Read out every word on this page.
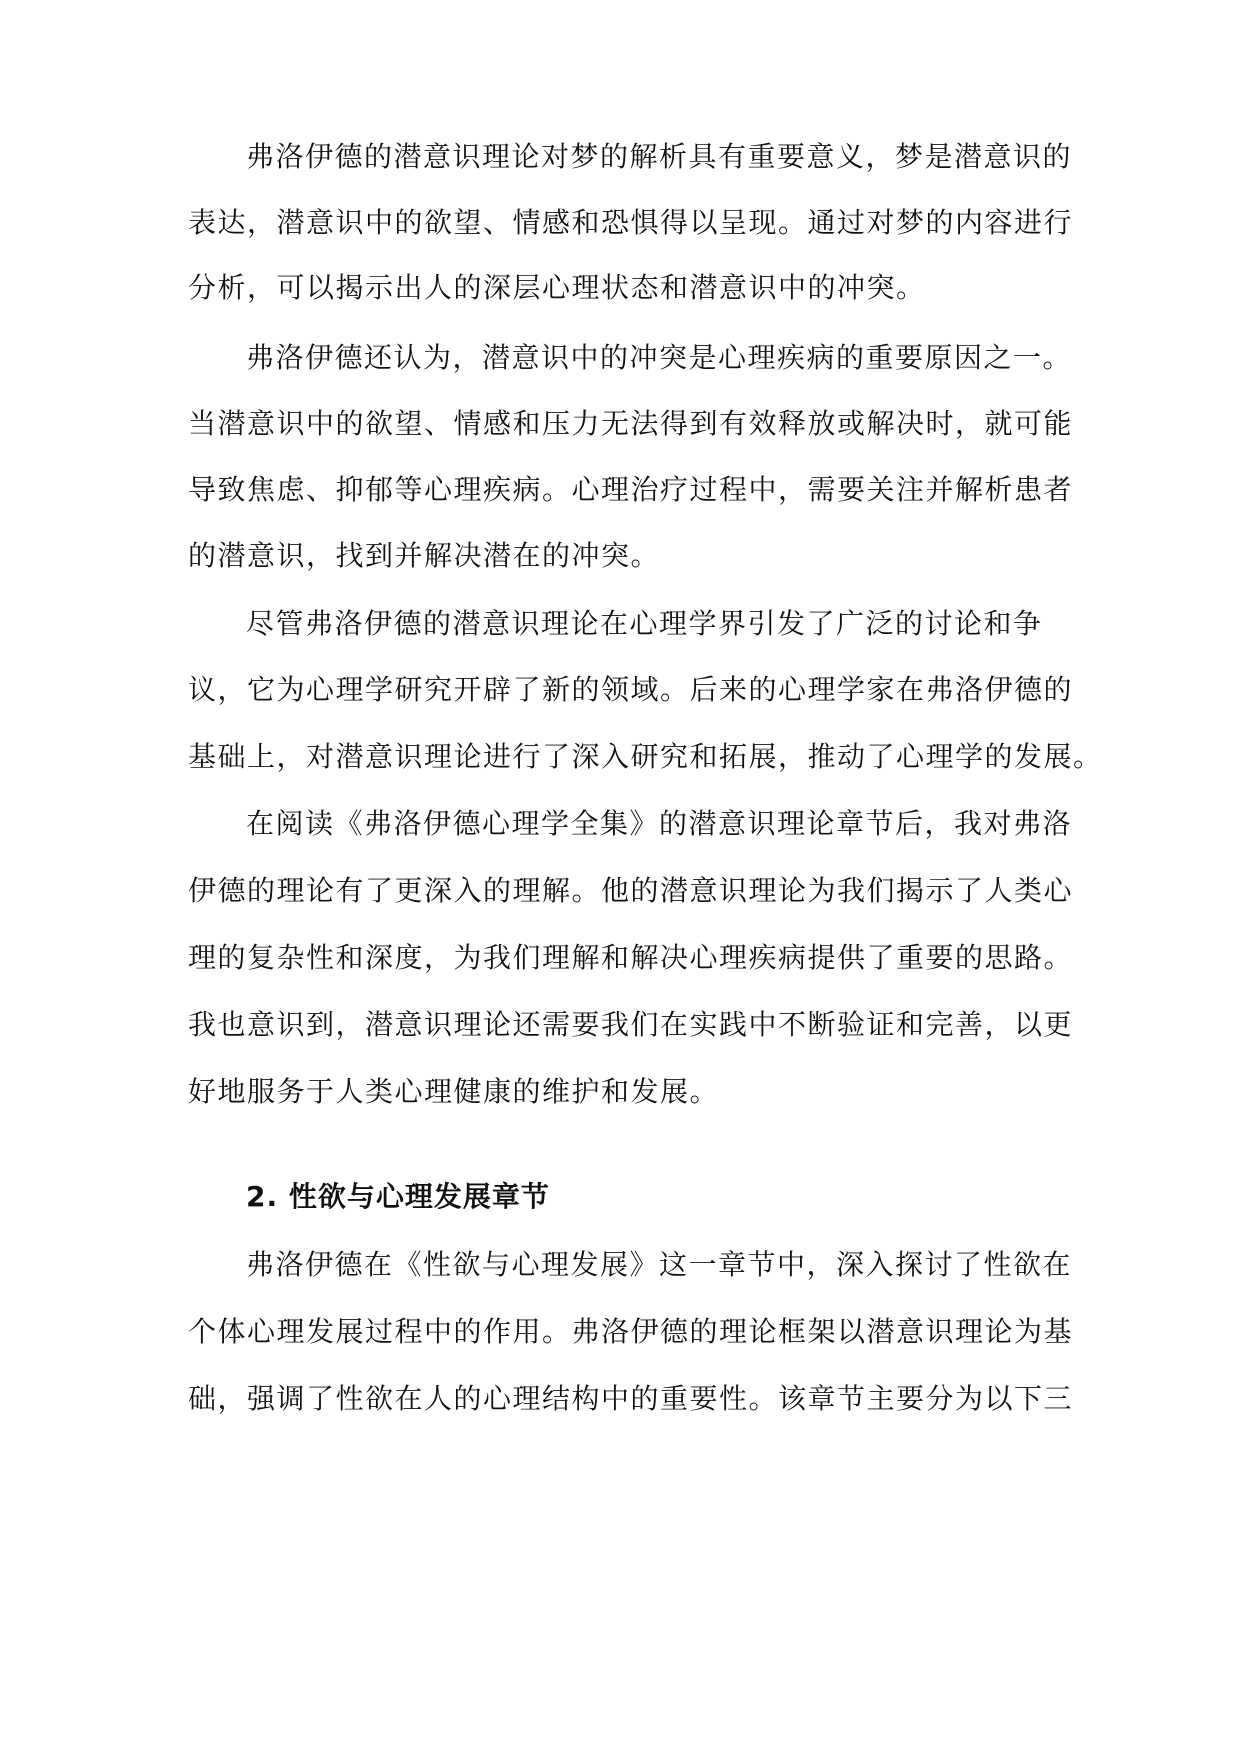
弗洛伊德的潜意识理论对梦的解析具有重要意义，梦是潜意识的
表达，潜意识中的欲望、情感和恐惧得以呈现。通过对梦的内容进行
分析，可以揭示出人的深层心理状态和潜意识中的冲突。
弗洛伊德还认为，潜意识中的冲突是心理疾病的重要原因之一。
当潜意识中的欲望、情感和压力无法得到有效释放或解决时，就可能
导致焦虑、抑郁等心理疾病。心理治疗过程中，需要关注并解析患者
的潜意识，找到并解决潜在的冲突。
尽管弗洛伊德的潜意识理论在心理学界引发了广泛的讨论和争
议，它为心理学研究开辟了新的领域。后来的心理学家在弗洛伊德的
基础上，对潜意识理论进行了深入研究和拓展，推动了心理学的发展。
在阅读《弗洛伊德心理学全集》的潜意识理论章节后，我对弗洛
伊德的理论有了更深入的理解。他的潜意识理论为我们揭示了人类心
理的复杂性和深度，为我们理解和解决心理疾病提供了重要的思路。
我也意识到，潜意识理论还需要我们在实践中不断验证和完善，以更
好地服务于人类心理健康的维护和发展。
2. 性欲与心理发展章节
弗洛伊德在《性欲与心理发展》这一章节中，深入探讨了性欲在
个体心理发展过程中的作用。弗洛伊德的理论框架以潜意识理论为基
础，强调了性欲在人的心理结构中的重要性。该章节主要分为以下三
